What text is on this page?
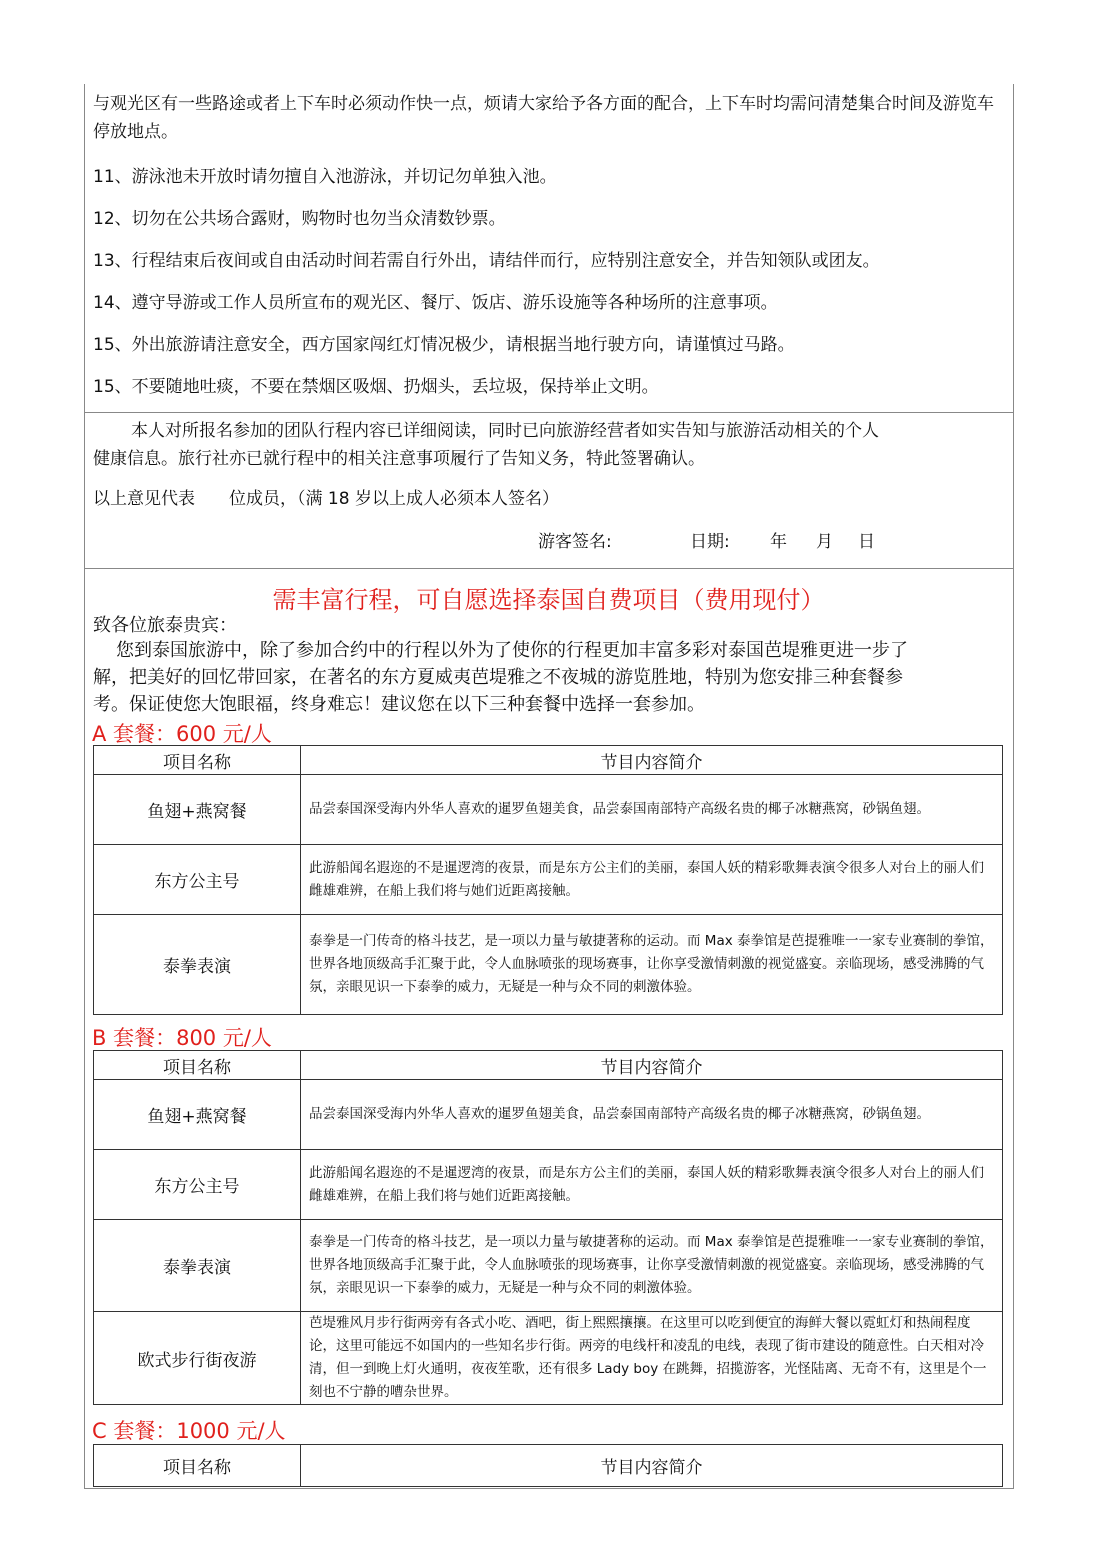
与观光区有一些路途或者上下车时必须动作快一点，烦请大家给予各方面的配合，上下车时均需问清楚集合时间及游览车停放地点。
11、游泳池未开放时请勿擅自入池游泳，并切记勿单独入池。
12、切勿在公共场合露财，购物时也勿当众清数钞票。
13、行程结束后夜间或自由活动时间若需自行外出，请结伴而行，应特别注意安全，并告知领队或团友。
14、遵守导游或工作人员所宣布的观光区、餐厅、饭店、游乐设施等各种场所的注意事项。
15、外出旅游请注意安全，西方国家闯红灯情况极少，请根据当地行驶方向，请谨慎过马路。
15、不要随地吐痰，不要在禁烟区吸烟、扔烟头，丢垃圾，保持举止文明。
本人对所报名参加的团队行程内容已详细阅读，同时已向旅游经营者如实告知与旅游活动相关的个人
健康信息。旅行社亦已就行程中的相关注意事项履行了告知义务，特此签署确认。
以上意见代表　　位成员，（满 18 岁以上成人必须本人签名）
游客签名:	日期: 年 月 日
需丰富行程，可自愿选择泰国自费项目（费用现付）
致各位旅泰贵宾：
您到泰国旅游中，除了参加合约中的行程以外为了使你的行程更加丰富多彩对泰国芭堤雅更进一步了
解，把美好的回忆带回家，在著名的东方夏威夷芭堤雅之不夜城的游览胜地，特别为您安排三种套餐参
考。保证使您大饱眼福，终身难忘！建议您在以下三种套餐中选择一套参加。
A 套餐：600 元/人
项目名称	节目内容简介
鱼翅+燕窝餐	品尝泰国深受海内外华人喜欢的暹罗鱼翅美食，品尝泰国南部特产高级名贵的椰子冰糖燕窝，砂锅鱼翅。
东方公主号	此游船闻名遐迩的不是暹逻湾的夜景，而是东方公主们的美丽，泰国人妖的精彩歌舞表演令很多人对台上的丽人们雌雄难辨，在船上我们将与她们近距离接触。
泰拳表演	泰拳是一门传奇的格斗技艺，是一项以力量与敏捷著称的运动。而 Max 泰拳馆是芭提雅唯一一家专业赛制的拳馆，世界各地顶级高手汇聚于此，令人血脉喷张的现场赛事，让你享受激情刺激的视觉盛宴。亲临现场，感受沸腾的气氛，亲眼见识一下泰拳的威力，无疑是一种与众不同的刺激体验。
B 套餐：800 元/人
项目名称	节目内容简介
鱼翅+燕窝餐	品尝泰国深受海内外华人喜欢的暹罗鱼翅美食，品尝泰国南部特产高级名贵的椰子冰糖燕窝，砂锅鱼翅。
东方公主号	此游船闻名遐迩的不是暹逻湾的夜景，而是东方公主们的美丽，泰国人妖的精彩歌舞表演令很多人对台上的丽人们雌雄难辨，在船上我们将与她们近距离接触。
泰拳表演	泰拳是一门传奇的格斗技艺，是一项以力量与敏捷著称的运动。而 Max 泰拳馆是芭提雅唯一一家专业赛制的拳馆，世界各地顶级高手汇聚于此，令人血脉喷张的现场赛事，让你享受激情刺激的视觉盛宴。亲临现场，感受沸腾的气氛，亲眼见识一下泰拳的威力，无疑是一种与众不同的刺激体验。
欧式步行街夜游	芭堤雅风月步行街两旁有各式小吃、酒吧，街上熙熙攘攘。在这里可以吃到便宜的海鲜大餐以霓虹灯和热闹程度论，这里可能远不如国内的一些知名步行街。两旁的电线杆和凌乱的电线，表现了街市建设的随意性。白天相对冷清，但一到晚上灯火通明，夜夜笙歌，还有很多 Lady boy 在跳舞，招揽游客，光怪陆离、无奇不有，这里是个一刻也不宁静的嘈杂世界。
C 套餐：1000 元/人
项目名称	节目内容简介
